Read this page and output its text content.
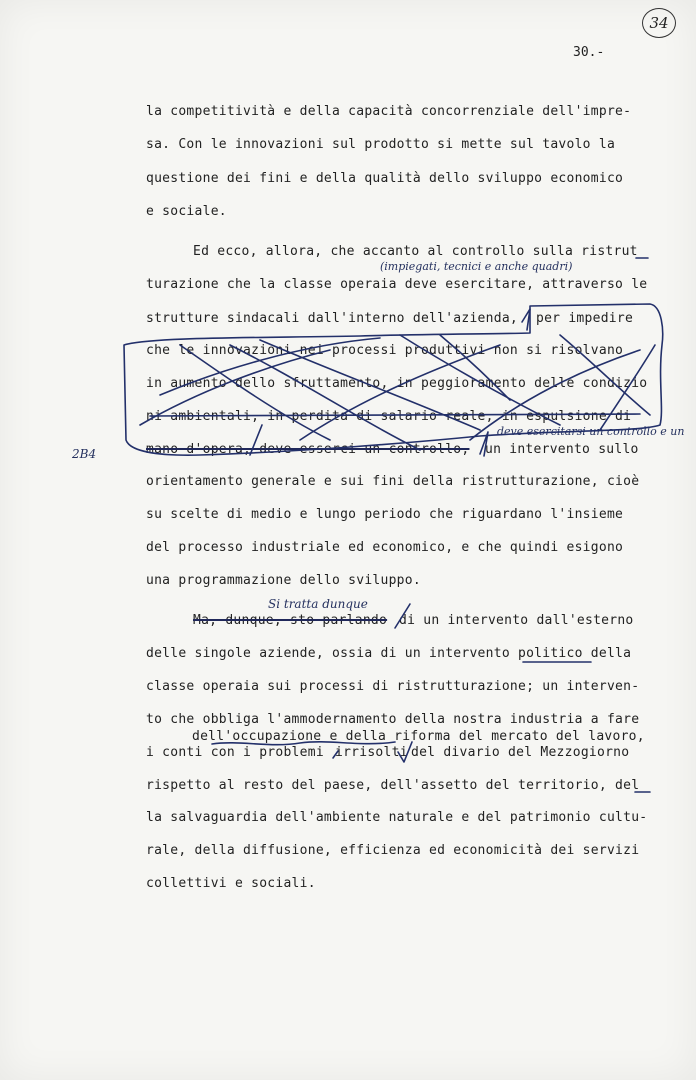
34
30.-
la competitività e della capacità concorrenziale dell'impre-
sa. Con le innovazioni sul prodotto si mette sul tavolo la
questione dei fini e della qualità dello sviluppo economico
e sociale.
Ed ecco, allora, che accanto al controllo sulla ristrut
(impiegati, tecnici e anche quadri)
turazione che la classe operaia deve esercitare, attraverso le
strutture sindacali dall'interno dell'azienda, per impedire
che le innovazioni nei processi produttivi non si risolvano
in aumento dello sfruttamento, in peggioramento delle condizio
ni ambientali, in perdita di salario reale, in espulsione di
mano d'opera, deve esserci un controllo,
deve esercitarsi un controllo e un
un intervento sullo
2B4
orientamento generale e sui fini della ristrutturazione, cioè
su scelte di medio e lungo periodo che riguardano l'insieme
del processo industriale ed economico, e che quindi esigono
una programmazione dello sviluppo.
Si tratta dunque
Ma, dunque, sto parlando di un intervento dall'esterno
delle singole aziende, ossia di un intervento politico della
classe operaia sui processi di ristrutturazione; un interven-
to che obbliga l'ammodernamento della nostra industria a fare
dell'occupazione e della riforma del mercato del lavoro,
i conti con i problemi irrisolti del divario del Mezzogiorno
rispetto al resto del paese, dell'assetto del territorio, del
la salvaguardia dell'ambiente naturale e del patrimonio cultu-
rale, della diffusione, efficienza ed economicità dei servizi
collettivi e sociali.
